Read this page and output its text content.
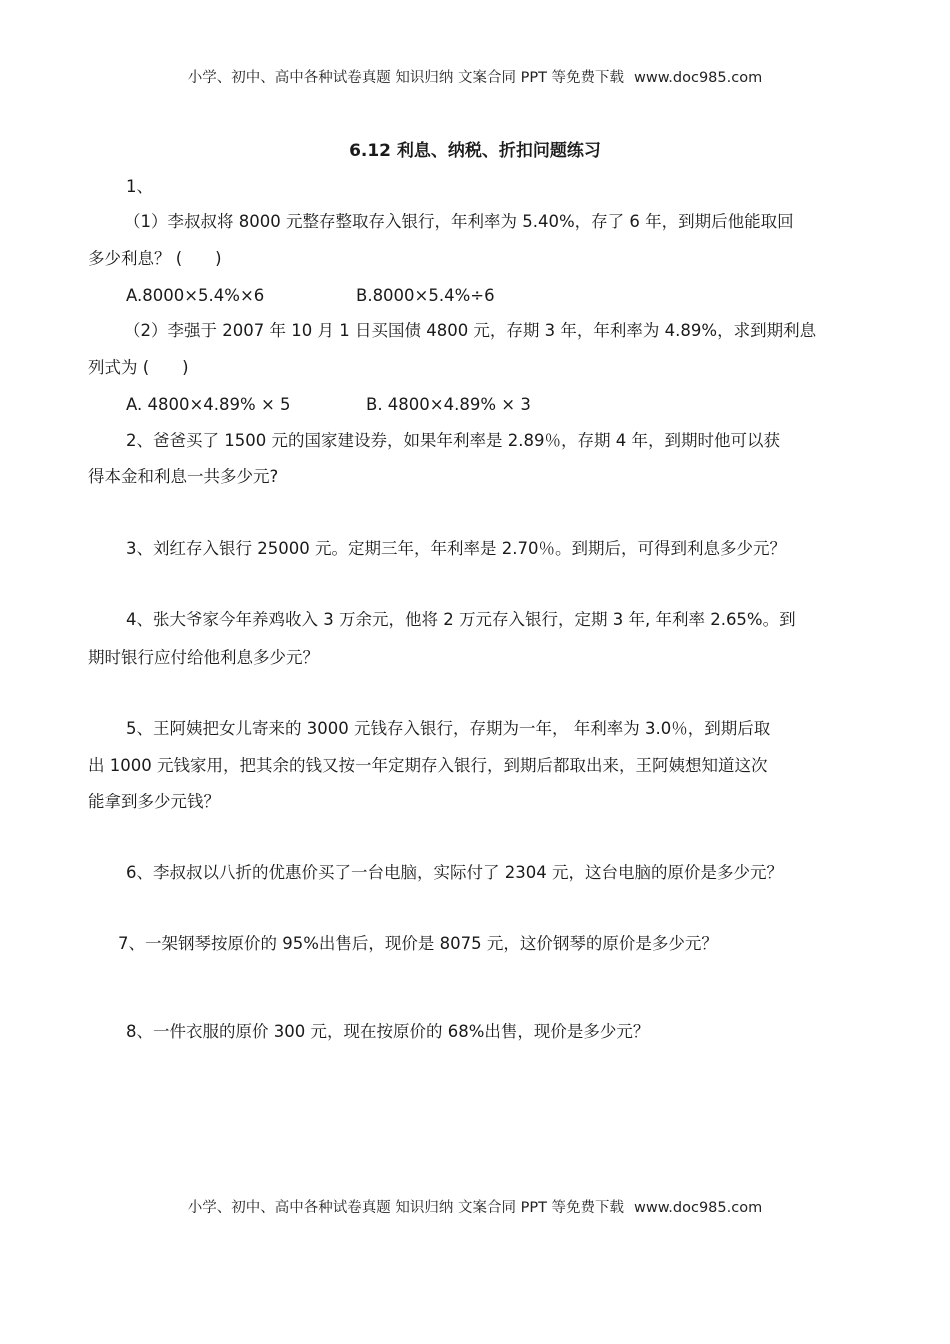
小学、初中、高中各种试卷真题 知识归纳 文案合同 PPT 等免费下载 www.doc985.com
6.12 利息、纳税、折扣问题练习
1、
（1）李叔叔将 8000 元整存整取存入银行，年利率为 5.40%，存了 6 年，到期后他能取回
多少利息？ (　　)
A.8000×5.4%×6	B.8000×5.4%÷6
（2）李强于 2007 年 10 月 1 日买国债 4800 元，存期 3 年，年利率为 4.89%，求到期利息
列式为 (　　)
A. 4800×4.89% × 5	B. 4800×4.89% × 3
2、爸爸买了 1500 元的国家建设券，如果年利率是 2.89％，存期 4 年，到期时他可以获
得本金和利息一共多少元?
3、刘红存入银行 25000 元。定期三年，年利率是 2.70％。到期后，可得到利息多少元？
4、张大爷家今年养鸡收入 3 万余元，他将 2 万元存入银行，定期 3 年, 年利率 2.65%。到
期时银行应付给他利息多少元？
5、王阿姨把女儿寄来的 3000 元钱存入银行，存期为一年， 年利率为 3.0％，到期后取
出 1000 元钱家用，把其余的钱又按一年定期存入银行，到期后都取出来，王阿姨想知道这次
能拿到多少元钱？
6、李叔叔以八折的优惠价买了一台电脑，实际付了 2304 元，这台电脑的原价是多少元？
7、一架钢琴按原价的 95%出售后，现价是 8075 元，这价钢琴的原价是多少元？
8、一件衣服的原价 300 元，现在按原价的 68%出售，现价是多少元？
小学、初中、高中各种试卷真题 知识归纳 文案合同 PPT 等免费下载 www.doc985.com
